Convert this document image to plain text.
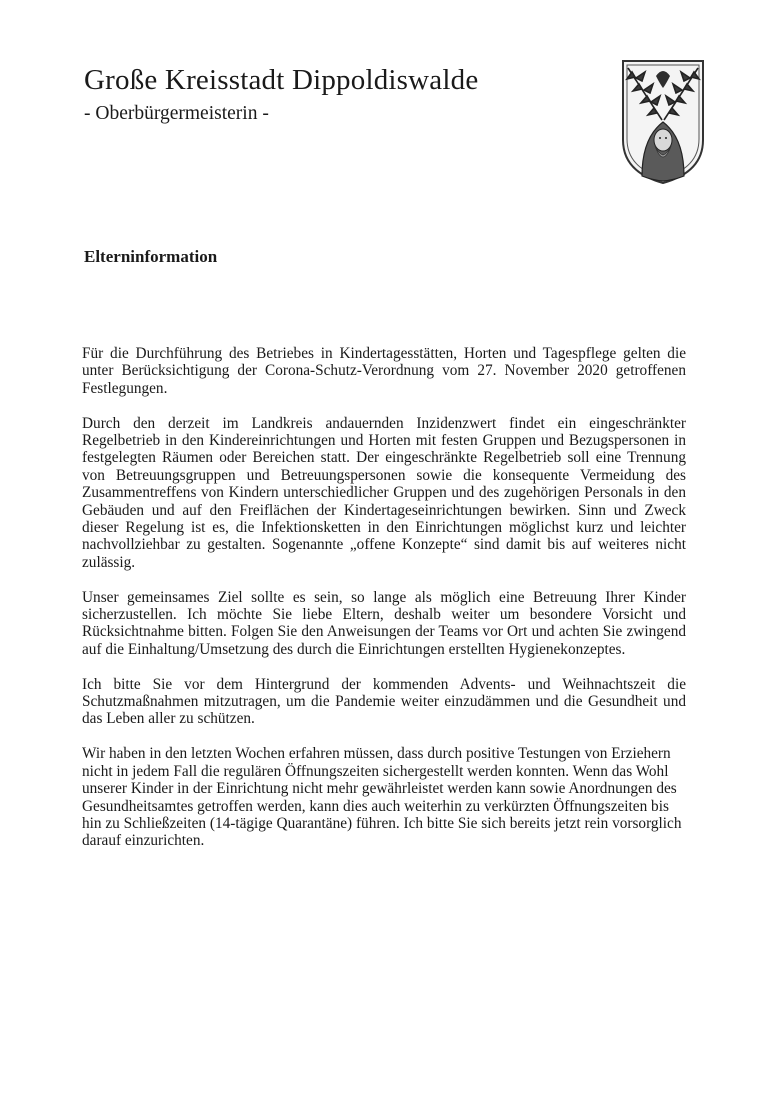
Große Kreisstadt Dippoldiswalde
- Oberbürgermeisterin -
Elterninformation

Für die Durchführung des Betriebes in Kindertagesstätten, Horten und Tagespflege gelten die unter Berücksichtigung der Corona-Schutz-Verordnung vom 27. November 2020 getroffenen Festlegungen.

Durch den derzeit im Landkreis andauernden Inzidenzwert findet ein eingeschränkter Regelbetrieb in den Kindereinrichtungen und Horten mit festen Gruppen und Bezugspersonen in festgelegten Räumen oder Bereichen statt. Der eingeschränkte Regelbetrieb soll eine Trennung von Betreuungsgruppen und Betreuungspersonen sowie die konsequente Vermeidung des Zusammentreffens von Kindern unterschiedlicher Gruppen und des zugehörigen Personals in den Gebäuden und auf den Freiflächen der Kindertageseinrichtungen bewirken. Sinn und Zweck dieser Regelung ist es, die Infektionsketten in den Einrichtungen möglichst kurz und leichter nachvollziehbar zu gestalten. Sogenannte „offene Konzepte“ sind damit bis auf weiteres nicht zulässig.

Unser gemeinsames Ziel sollte es sein, so lange als möglich eine Betreuung Ihrer Kinder sicherzustellen. Ich möchte Sie liebe Eltern, deshalb weiter um besondere Vorsicht und Rücksichtnahme bitten. Folgen Sie den Anweisungen der Teams vor Ort und achten Sie zwingend auf die Einhaltung/Umsetzung des durch die Einrichtungen erstellten Hygienekonzeptes.

Ich bitte Sie vor dem Hintergrund der kommenden Advents- und Weihnachtszeit die Schutzmaßnahmen mitzutragen, um die Pandemie weiter einzudämmen und die Gesundheit und das Leben aller zu schützen.

Wir haben in den letzten Wochen erfahren müssen, dass durch positive Testungen von Erziehern nicht in jedem Fall die regulären Öffnungszeiten sichergestellt werden konnten. Wenn das Wohl unserer Kinder in der Einrichtung nicht mehr gewährleistet werden kann sowie Anordnungen des Gesundheitsamtes getroffen werden, kann dies auch weiterhin zu verkürzten Öffnungszeiten bis hin zu Schließzeiten (14-tägige Quarantäne) führen. Ich bitte Sie sich bereits jetzt rein vorsorglich darauf einzurichten.
